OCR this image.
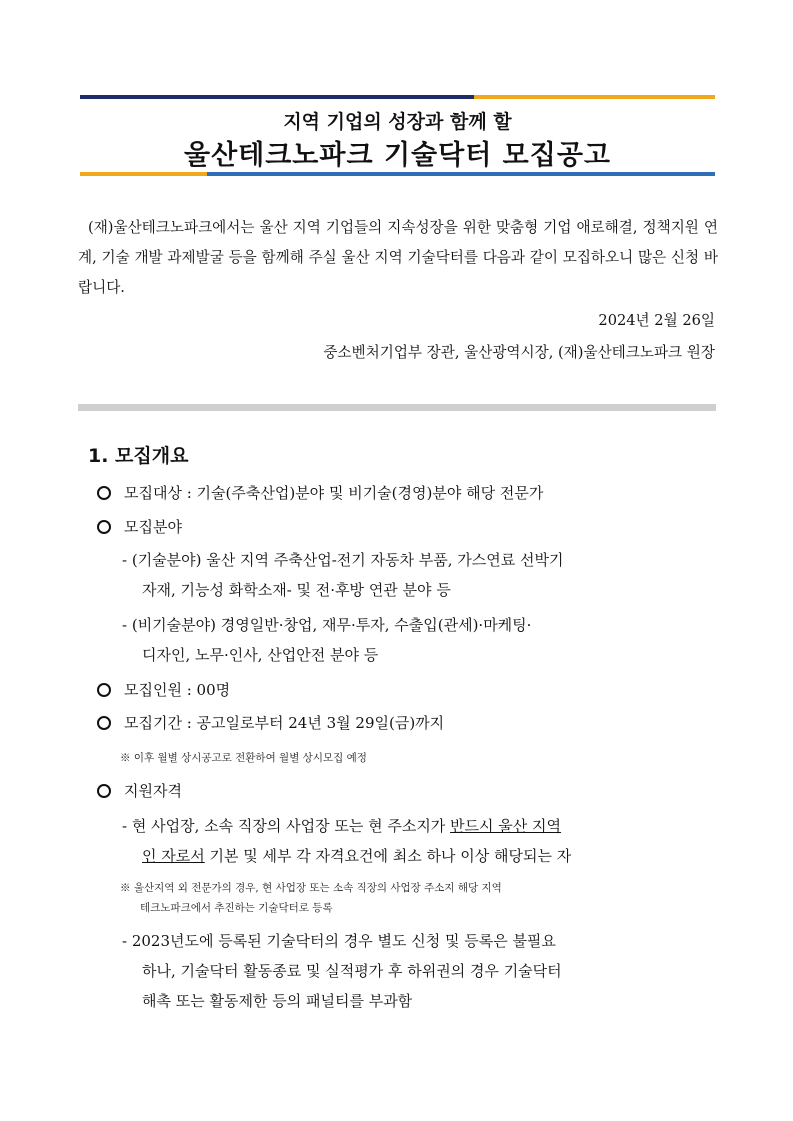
지역 기업의 성장과 함께 할
울산테크노파크 기술닥터 모집공고
(재)울산테크노파크에서는 울산 지역 기업들의 지속성장을 위한 맞춤형 기업 애로해결, 정책지원 연계, 기술 개발 과제발굴 등을 함께해 주실 울산 지역 기술닥터를 다음과 같이 모집하오니 많은 신청 바랍니다.
2024년 2월 26일
중소벤처기업부 장관, 울산광역시장, (재)울산테크노파크 원장
1. 모집개요
모집대상 : 기술(주축산업)분야 및 비기술(경영)분야 해당 전문가
모집분야
- (기술분야) 울산 지역 주축산업-전기 자동차 부품, 가스연료 선박기
자재, 기능성 화학소재- 및 전·후방 연관 분야 등
- (비기술분야) 경영일반·창업, 재무·투자, 수출입(관세)·마케팅·
디자인, 노무·인사, 산업안전 분야 등
모집인원 : 00명
모집기간 : 공고일로부터 24년 3월 29일(금)까지
※ 이후 월별 상시공고로 전환하여 월별 상시모집 예정
지원자격
- 현 사업장, 소속 직장의 사업장 또는 현 주소지가 반드시 울산 지역
인 자로서 기본 및 세부 각 자격요건에 최소 하나 이상 해당되는 자
※ 울산지역 외 전문가의 경우, 현 사업장 또는 소속 직장의 사업장 주소지 해당 지역
테크노파크에서 추진하는 기술닥터로 등록
- 2023년도에 등록된 기술닥터의 경우 별도 신청 및 등록은 불필요
하나, 기술닥터 활동종료 및 실적평가 후 하위권의 경우 기술닥터
해촉 또는 활동제한 등의 패널티를 부과함
